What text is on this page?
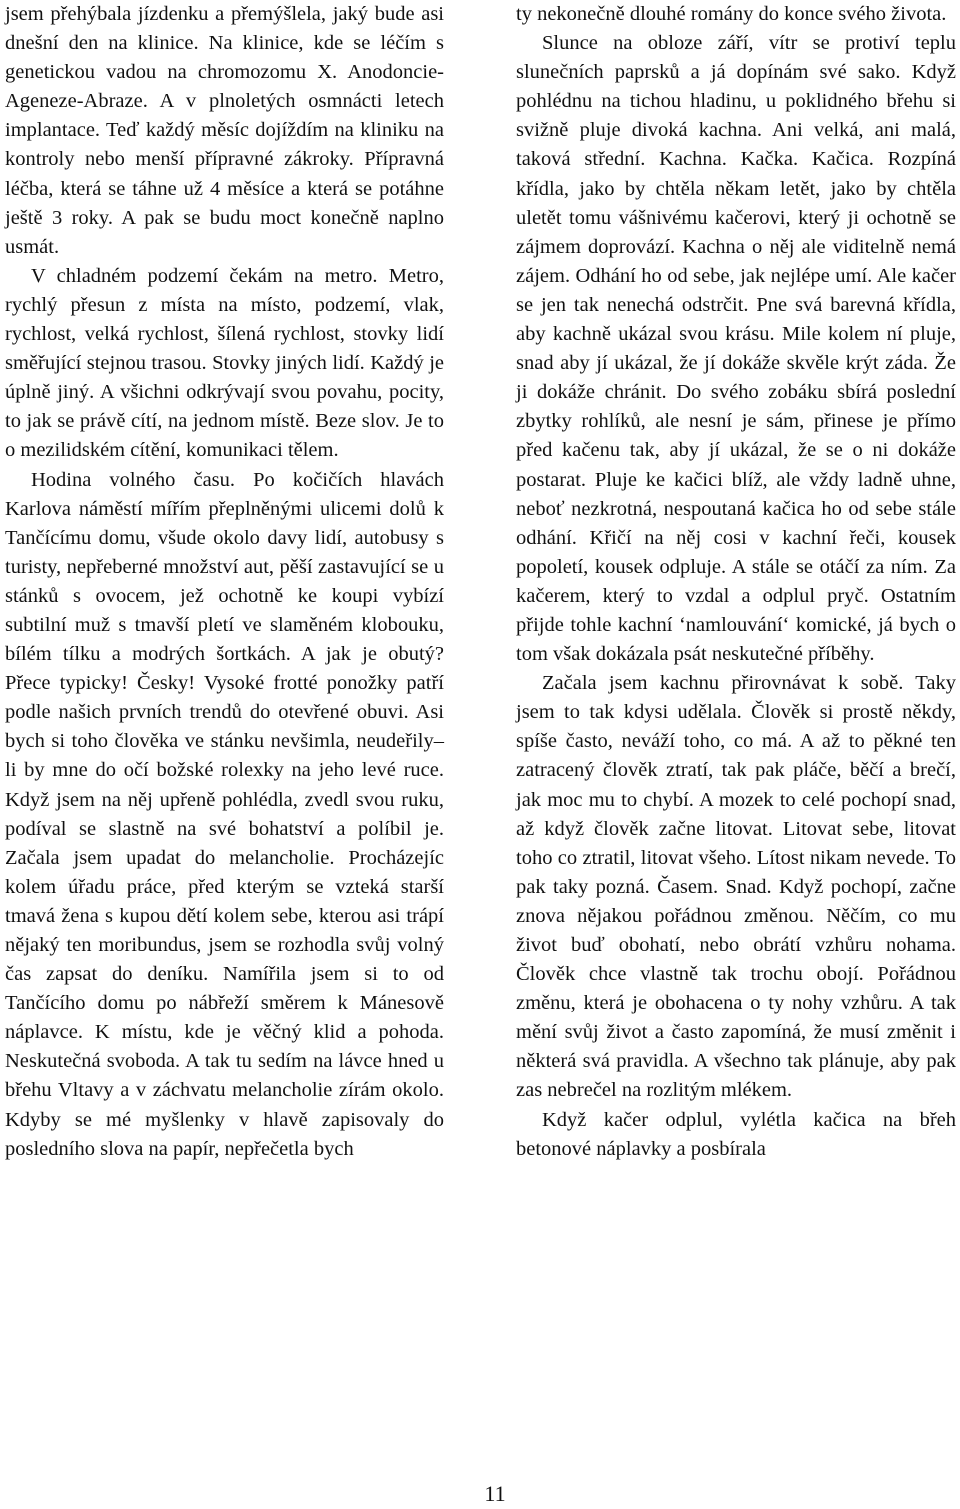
jsem přehýbala jízdenku a přemýšlela, jaký bude asi dnešní den na klinice. Na klinice, kde se léčím s genetickou vadou na chromozomu X. Anodoncie-Ageneze-Abraze. A v plnoletých osmnácti letech implantace. Teď každý měsíc dojíždím na kliniku na kontroly nebo menší přípravné zákroky. Přípravná léčba, která se táhne už 4 měsíce a která se potáhne ještě 3 roky. A pak se budu moct konečně naplno usmát.

V chladném podzemí čekám na metro. Metro, rychlý přesun z místa na místo, podzemí, vlak, rychlost, velká rychlost, šílená rychlost, stovky lidí směřující stejnou trasou. Stovky jiných lidí. Každý je úplně jiný. A všichni odkrývají svou povahu, pocity, to jak se právě cítí, na jednom místě. Beze slov. Je to o mezilidském cítění, komunikaci tělem.

Hodina volného času. Po kočičích hlavách Karlova náměstí mířím přeplněnými ulicemi dolů k Tančícímu domu, všude okolo davy lidí, autobusy s turisty, nepřeberné množství aut, pěší zastavující se u stánků s ovocem, jež ochotně ke koupi vybízí subtilní muž s tmavší pletí ve slaměném klobouku, bílém tílku a modrých šortkách. A jak je obutý? Přece typicky! Česky! Vysoké frotté ponožky patří podle našich prvních trendů do otevřené obuvi. Asi bych si toho člověka ve stánku nevšimla, neudeřily–li by mne do očí božské rolexky na jeho levé ruce. Když jsem na něj upřeně pohlédla, zvedl svou ruku, podíval se slastně na své bohatství a políbil je. Začala jsem upadat do melancholie. Procházejíc kolem úřadu práce, před kterým se vzteká starší tmavá žena s kupou dětí kolem sebe, kterou asi trápí nějaký ten moribundus, jsem se rozhodla svůj volný čas zapsat do deníku. Namířila jsem si to od Tančícího domu po nábřeží směrem k Mánesově náplavce. K místu, kde je věčný klid a pohoda. Neskutečná svoboda. A tak tu sedím na lávce hned u břehu Vltavy a v záchvatu melancholie zírám okolo. Kdyby se mé myšlenky v hlavě zapisovaly do posledního slova na papír, nepřečetla bych

ty nekonečně dlouhé romány do konce svého života.

Slunce na obloze září, vítr se protiví teplu slunečních paprsků a já dopínám své sako. Když pohlédnu na tichou hladinu, u poklidného břehu si svižně pluje divoká kachna. Ani velká, ani malá, taková střední. Kachna. Kačka. Kačica. Rozpíná křídla, jako by chtěla někam letět, jako by chtěla uletět tomu vášnivému kačerovi, který ji ochotně se zájmem doprovází. Kachna o něj ale viditelně nemá zájem. Odhání ho od sebe, jak nejlépe umí. Ale kačer se jen tak nenechá odstrčit. Pne svá barevná křídla, aby kachně ukázal svou krásu. Mile kolem ní pluje, snad aby jí ukázal, že jí dokáže skvěle krýt záda. Že ji dokáže chránit. Do svého zobáku sbírá poslední zbytky rohlíků, ale nesní je sám, přinese je přímo před kačenu tak, aby jí ukázal, že se o ni dokáže postarat. Pluje ke kačici blíž, ale vždy ladně uhne, neboť nezkrotná, nespoutaná kačica ho od sebe stále odhání. Křičí na něj cosi v kachní řeči, kousek popoletí, kousek odpluje. A stále se otáčí za ním. Za kačerem, který to vzdal a odplul pryč. Ostatním přijde tohle kachní ‘namlouvání‘ komické, já bych o tom však dokázala psát neskutečné příběhy.

Začala jsem kachnu přirovnávat k sobě. Taky jsem to tak kdysi udělala. Člověk si prostě někdy, spíše často, neváží toho, co má. A až to pěkné ten zatracený člověk ztratí, tak pak pláče, běčí a brečí, jak moc mu to chybí. A mozek to celé pochopí snad, až když člověk začne litovat. Litovat sebe, litovat toho co ztratil, litovat všeho. Lítost nikam nevede. To pak taky pozná. Časem. Snad. Když pochopí, začne znova nějakou pořádnou změnou. Něčím, co mu život buď obohatí, nebo obrátí vzhůru nohama. Člověk chce vlastně tak trochu obojí. Pořádnou změnu, která je obohacena o ty nohy vzhůru. A tak mění svůj život a často zapomíná, že musí změnit i některá svá pravidla. A všechno tak plánuje, aby pak zas nebrečel na rozlitým mlékem.

Když kačer odplul, vylétla kačica na břeh betonové náplavky a posbírala

11
